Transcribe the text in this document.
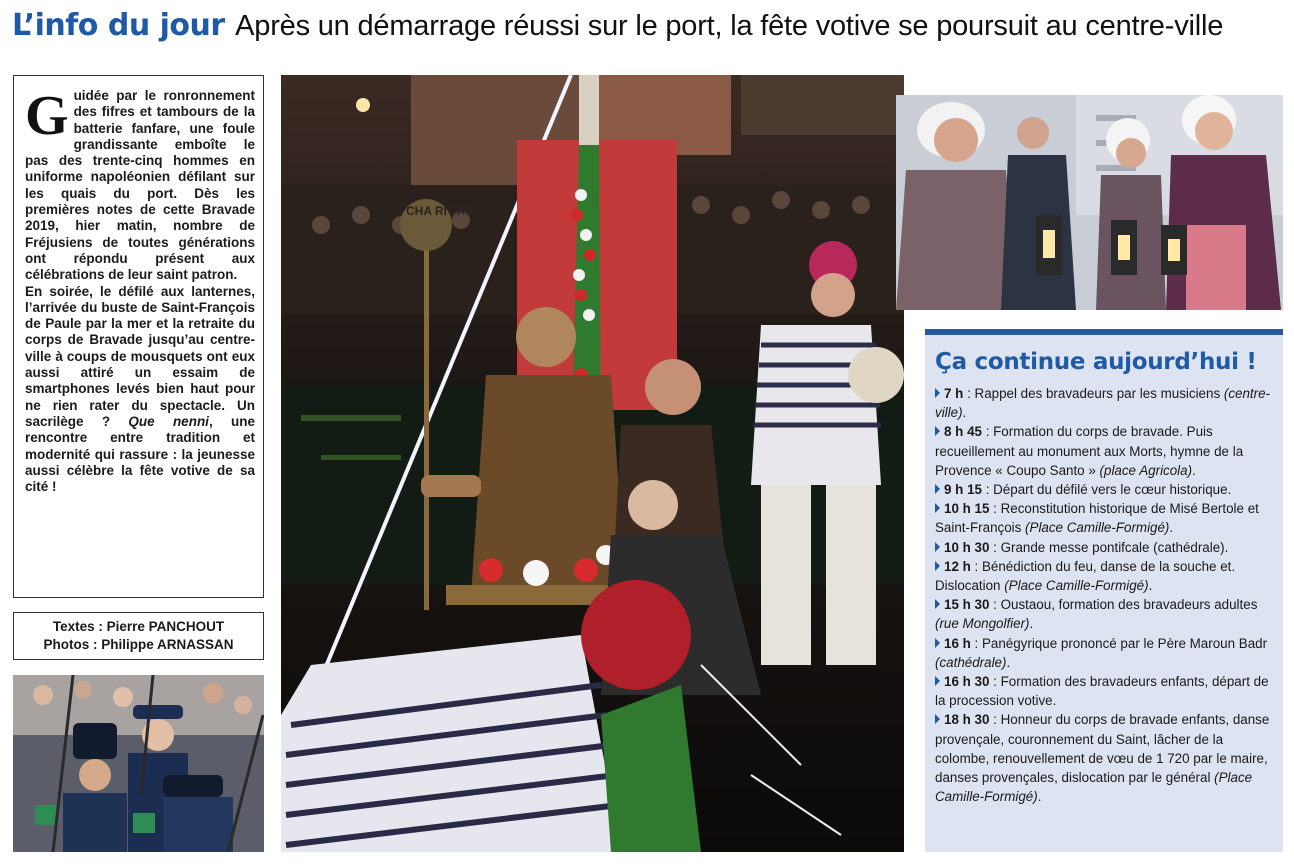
L’info du jour Après un démarrage réussi sur le port, la fête votive se poursuit au centre-ville
G uidée par le ronronnement des fifres et tambours de la batterie fanfare, une foule grandissante emboîte le pas des trente-cinq hommes en uniforme napoléonien défilant sur les quais du port. Dès les premières notes de cette Bravade 2019, hier matin, nombre de Fréjusiens de toutes générations ont répondu présent aux célébrations de leur saint patron.

En soirée, le défilé aux lanternes, l’arrivée du buste de Saint-François de Paule par la mer et la retraite du corps de Bravade jusqu’au centre-ville à coups de mousquets ont eux aussi attiré un essaim de smartphones levés bien haut pour ne rien rater du spectacle. Un sacrilège ? Que nenni, une rencontre entre tradition et modernité qui rassure : la jeunesse aussi célèbre la fête votive de sa cité !

Textes : Pierre PANCHOUT
Photos : Philippe ARNASSAN
CHA RI TAS
Ça continue aujourd’hui !
7 h : Rappel des bravadeurs par les musiciens (centre-ville).
8 h 45 : Formation du corps de bravade. Puis recueillement au monument aux Morts, hymne de la Provence « Coupo Santo » (place Agricola).
9 h 15 : Départ du défilé vers le cœur historique.
10 h 15 : Reconstitution historique de Misé Bertole et Saint-François (Place Camille-Formigé).
10 h 30 : Grande messe pontifcale (cathédrale).
12 h : Bénédiction du feu, danse de la souche et. Dislocation (Place Camille-Formigé).
15 h 30 : Oustaou, formation des bravadeurs adultes (rue Mongolfier).
16 h : Panégyrique prononcé par le Père Maroun Badr (cathédrale).
16 h 30 : Formation des bravadeurs enfants, départ de la procession votive.
18 h 30 : Honneur du corps de bravade enfants, danse provençale, couronnement du Saint, lâcher de la colombe, renouvellement de vœu de 1 720 par le maire, danses provençales, dislocation par le général (Place Camille-Formigé).
